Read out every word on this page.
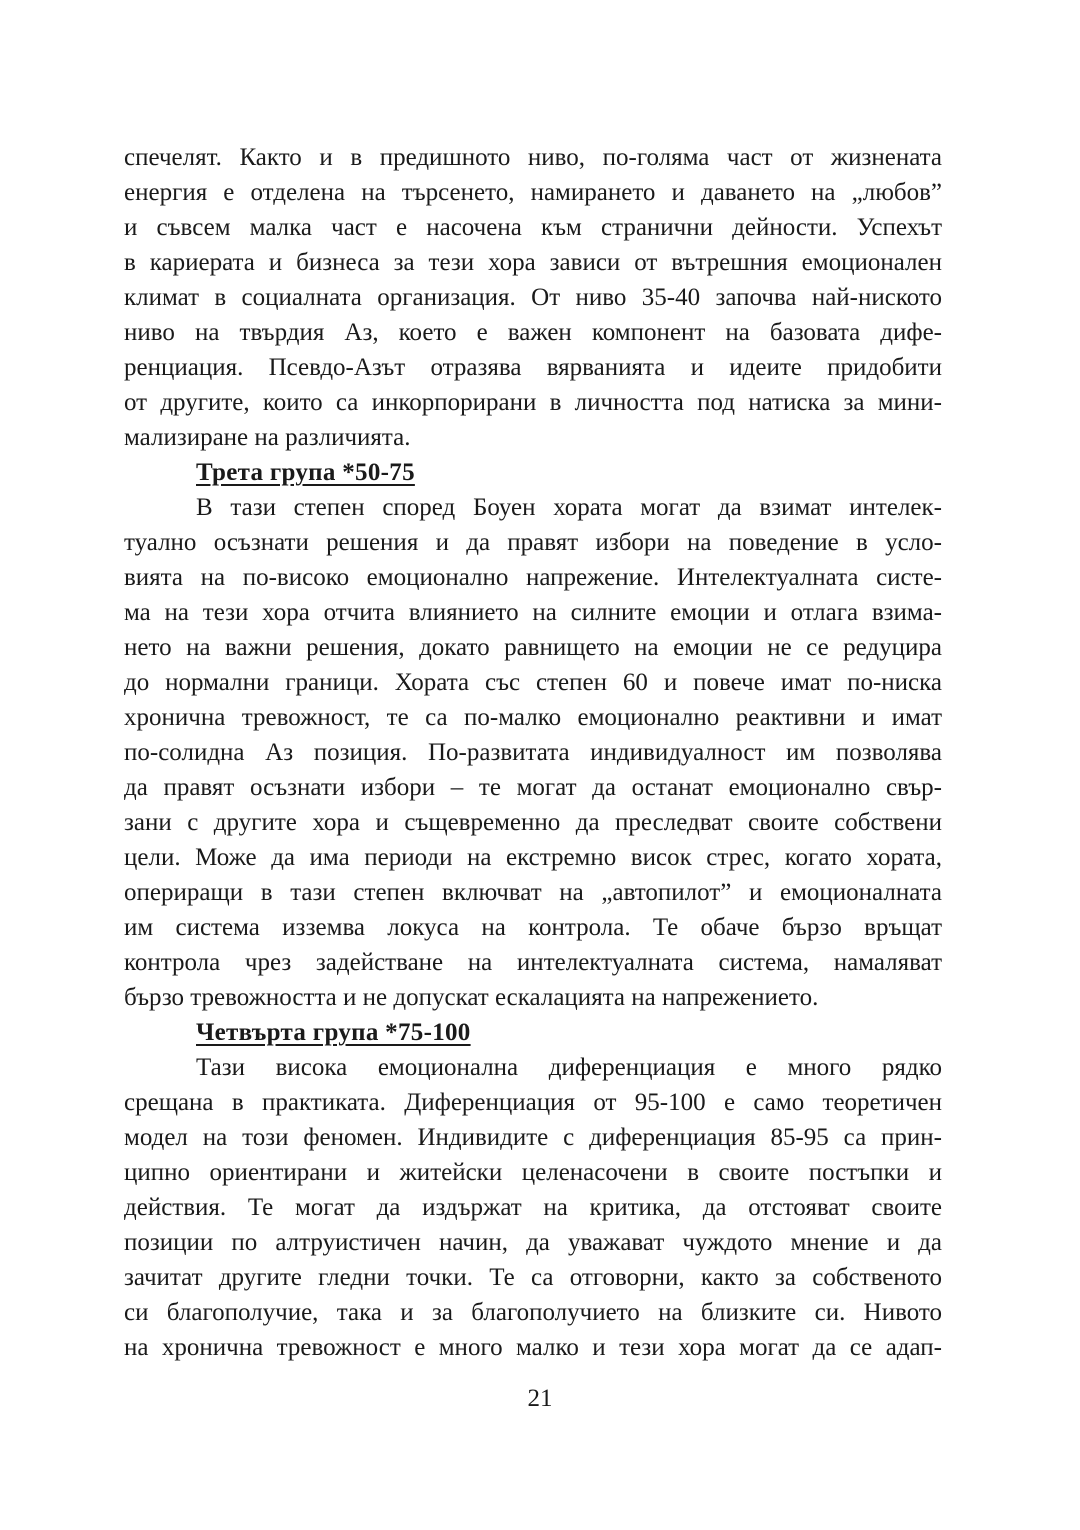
спечелят. Както и в предишното ниво, по-голяма част от жизнената
енергия е отделена на търсенето, намирането и даването на „любов”
и съвсем малка част е насочена към странични дейности. Успехът
в кариерата и бизнеса за тези хора зависи от вътрешния емоционален
климат в социалната организация. От ниво 35-40 започва най-ниското
ниво на твърдия Аз, което е важен компонент на базовата дифе-
ренциация. Псевдо-Азът отразява вярванията и идеите придобити
от другите, които са инкорпорирани в личността под натиска за мини-
мализиране на различията.
Трета група *50-75
В тази степен според Боуен хората могат да взимат интелек-
туално осъзнати решения и да правят избори на поведение в усло-
вията на по-високо емоционално напрежение. Интелектуалната систе-
ма на тези хора отчита влиянието на силните емоции и отлага взима-
нето на важни решения, докато равнището на емоции не се редуцира
до нормални граници. Хората със степен 60 и повече имат по-ниска
хронична тревожност, те са по-малко емоционално реактивни и имат
по-солидна Аз позиция. По-развитата индивидуалност им позволява
да правят осъзнати избори – те могат да останат емоционално свър-
зани с другите хора и същевременно да преследват своите собствени
цели. Може да има периоди на екстремно висок стрес, когато хората,
опериращи в тази степен включват на „автопилот” и емоционалната
им система изземва локуса на контрола. Те обаче бързо връщат
контрола чрез задействане на интелектуалната система, намаляват
бързо тревожността и не допускат ескалацията на напрежението.
Четвърта група *75-100
Тази висока емоционална диференциация е много рядко
срещана в практиката. Диференциация от 95-100 е само теоретичен
модел на този феномен. Индивидите с диференциация 85-95 са прин-
ципно ориентирани и житейски целенасочени в своите постъпки и
действия. Те могат да издържат на критика, да отстояват своите
позиции по алтруистичен начин, да уважават чуждото мнение и да
зачитат другите гледни точки. Те са отговорни, както за собственото
си благополучие, така и за благополучието на близките си. Нивото
на хронична тревожност е много малко и тези хора могат да се адап-
21
